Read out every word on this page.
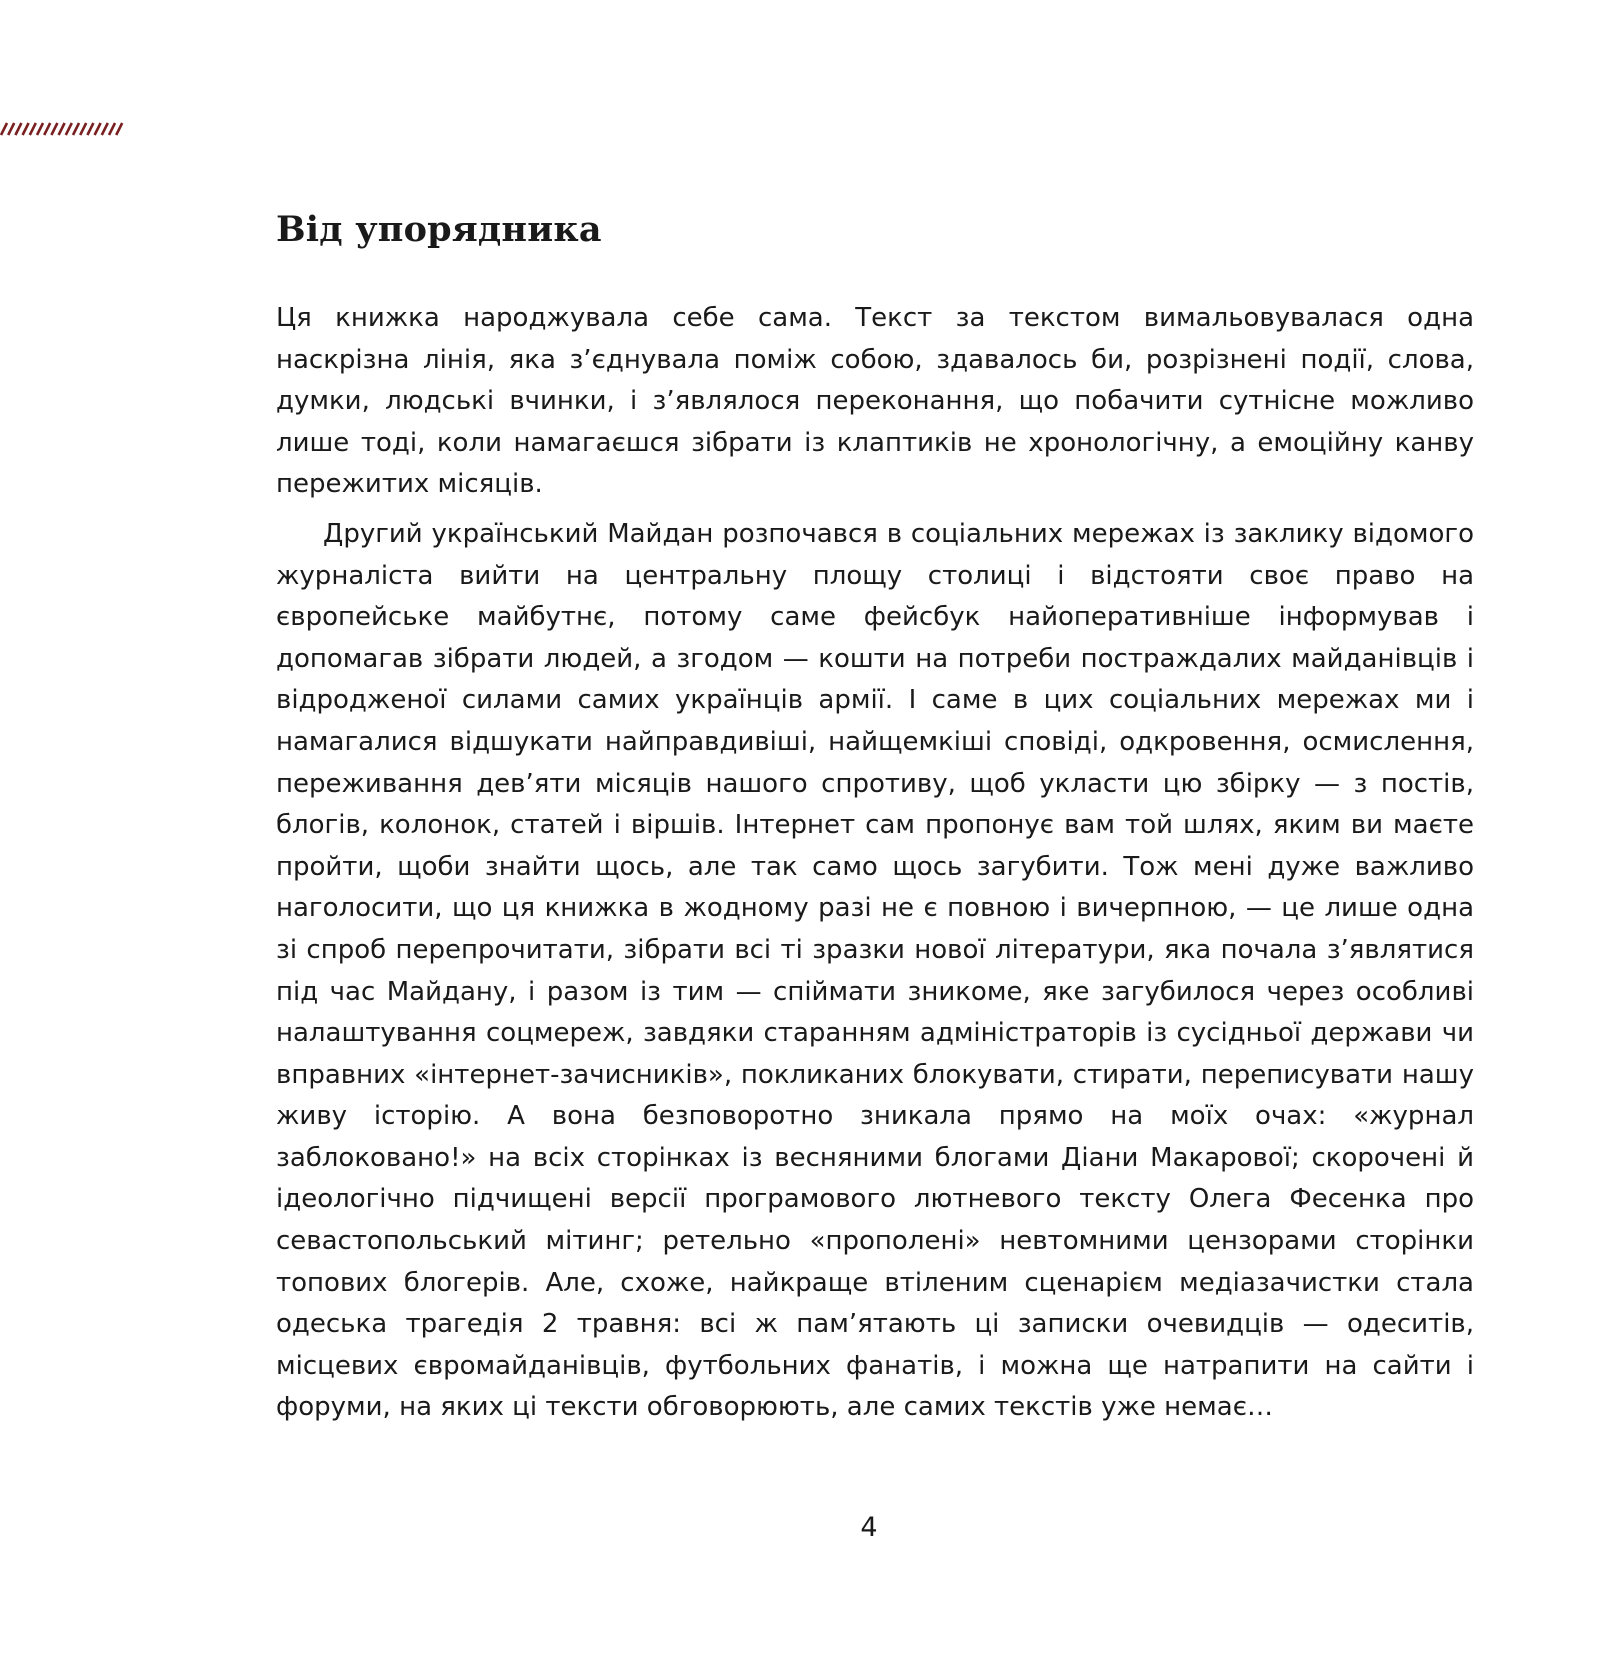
Від упорядника

Ця книжка народжувала себе сама. Текст за текстом вимальовувалася одна наскрізна лінія, яка з’єднувала поміж собою, здавалось би, розрізнені події, слова, думки, людські вчинки, і з’являлося переконання, що побачити сутнісне можливо лише тоді, коли намагаєшся зібрати із клаптиків не хронологічну, а емоційну канву пережитих місяців.

Другий український Майдан розпочався в соціальних мережах із заклику відомого журналіста вийти на центральну площу столиці і відстояти своє право на європейське майбутнє, потому саме фейсбук найоперативніше інформував і допомагав зібрати людей, а згодом — кошти на потреби постраждалих майданівців і відродженої силами самих українців армії. І саме в цих соціальних мережах ми і намагалися відшукати найправдивіші, найщемкіші сповіді, одкровення, осмислення, переживання дев’яти місяців нашого спротиву, щоб укласти цю збірку — з постів, блогів, колонок, статей і віршів. Інтернет сам пропонує вам той шлях, яким ви маєте пройти, щоби знайти щось, але так само щось загубити. Тож мені дуже важливо наголосити, що ця книжка в жодному разі не є повною і вичерпною, — це лише одна зі спроб перепрочитати, зібрати всі ті зразки нової літератури, яка почала з’являтися під час Майдану, і разом із тим — спіймати зникоме, яке загубилося через особливі налаштування соцмереж, завдяки старанням адміністраторів із сусідньої держави чи вправних «інтернет-зачисників», покликаних блокувати, стирати, переписувати нашу живу історію. А вона безповоротно зникала прямо на моїх очах: «журнал заблоковано!» на всіх сторінках із весняними блогами Діани Макарової; скорочені й ідеологічно підчищені версії програмового лютневого тексту Олега Фесенка про севастопольський мітинг; ретельно «прополені» невтомними цензорами сторінки топових блогерів. Але, схоже, найкраще втіленим сценарієм медіазачистки стала одеська трагедія 2 травня: всі ж пам’ятають ці записки очевидців — одеситів, місцевих євромайданівців, футбольних фанатів, і можна ще натрапити на сайти і форуми, на яких ці тексти обговорюють, але самих текстів уже немає…

4
